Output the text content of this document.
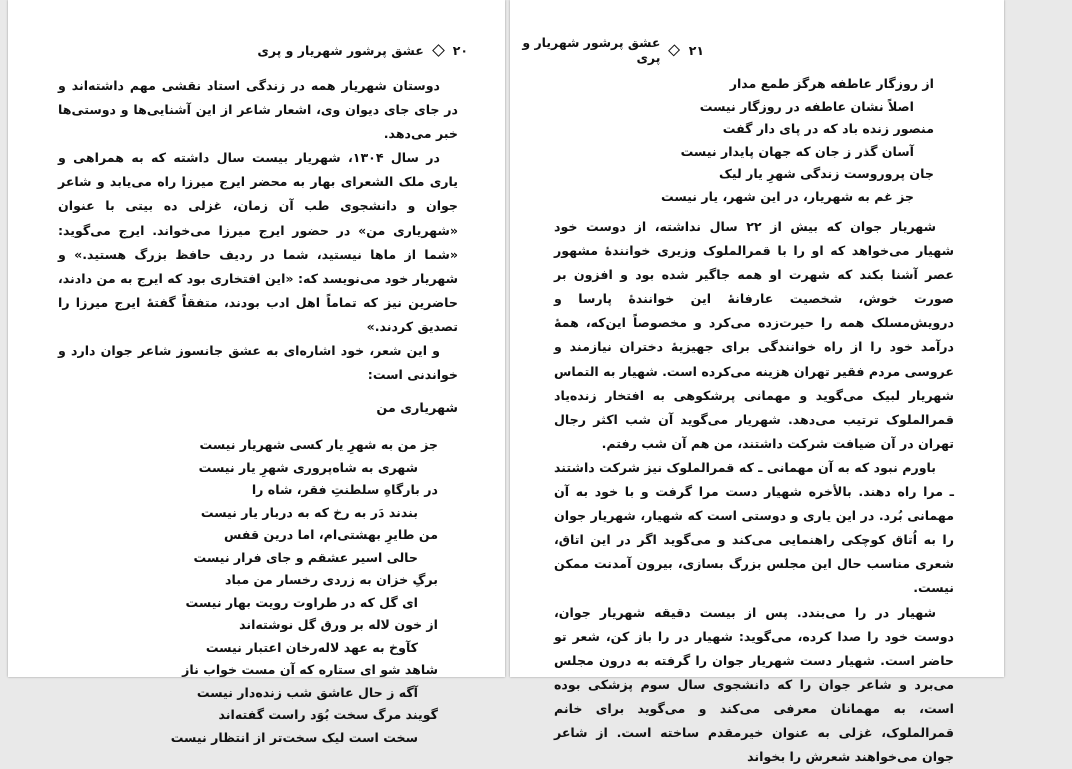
۲۰
عشق پرشور شهریار و پری

دوستان شهریار همه در زندگی استاد نقشی مهم داشته‌اند و در جای جای دیوان وی، اشعار شاعر از این آشنایی‌ها و دوستی‌ها خبر می‌دهد.

در سال ۱۳۰۴، شهریار بیست سال داشته که به همراهی و یاری ملک الشعرای بهار به محضر ایرج میرزا راه می‌یابد و شاعر جوان و دانشجوی طب آن زمان، غزلی ده بیتی با عنوان «شهریاری من» در حضور ایرج میرزا می‌خواند. ایرج می‌گوید: «شما از ماها نیستید، شما در ردیف حافظ بزرگ هستید.» و شهریار خود می‌نویسد که: «این افتخاری بود که ایرج به من دادند، حاضرین نیز که تماماً اهل ادب بودند، متفقاً گفتهٔ ایرج میرزا را تصدیق کردند.»

و این شعر، خود اشاره‌ای به عشق جانسوز شاعر جوان دارد و خواندنی است:

شهریاری من
جز من به شهرِ یار کسی شهریار نیست
شهری به شاه‌پروری شهرِ یار نیست
در بارگاهِ سلطنتِ فقر، شاه را
بندند دَر به رخ که به دربار یار نیست
من طایرِ بهشتی‌ام، اما درین قفس
حالی اسیر عشقم و جای فرار نیست
برگِ خزان به زردی رخسار من مباد
ای گل که در طراوت رویت بهار نیست
از خون لاله بر ورق گل نوشته‌اند
کآوخ به عهد لاله‌رخان اعتبار نیست
شاهد شو ای ستاره که آن مست خواب ناز
آگه ز حال عاشق شب زنده‌دار نیست
گویند مرگ سخت بُوَد راست گفته‌اند
سخت است لیک سخت‌تر از انتظار نیست
۲۱
عشق پرشور شهریار و پری
از روزگار عاطفه هرگز طمع مدار
اصلاً نشان عاطفه در روزگار نیست
منصور زنده باد که در پای دار گفت
آسان گذر ز جان که جهان پایدار نیست
جان پروروست زندگی شهرِ یار لیک
جز غم به شهریار، در این شهر، یار نیست

شهریار جوان که بیش از ۲۲ سال نداشته، از دوست خود شهیار می‌خواهد که او را با قمرالملوک وزیری خوانندهٔ مشهور عصر آشنا بکند که شهرت او همه جاگیر شده بود و افزون بر صورت خوش، شخصیت عارفانهٔ این خوانندهٔ پارسا و درویش‌مسلک همه را حیرت‌زده می‌کرد و مخصوصاً این‌که، همهٔ درآمد خود را از راه خوانندگی برای جهیزیهٔ دختران نیازمند و عروسی مردم فقیر تهران هزینه می‌کرده است. شهیار به التماس شهریار لبیک می‌گوید و مهمانی پرشکوهی به افتخار زنده‌یاد قمرالملوک ترتیب می‌دهد. شهریار می‌گوید آن شب اکثر رجال تهران در آن ضیافت شرکت داشتند، من هم آن شب رفتم.

باورم نبود که به آن مهمانی ـ که قمرالملوک نیز شرکت داشتند ـ مرا راه دهند. بالأخره شهیار دست مرا گرفت و با خود به آن مهمانی بُرد. در این یاری و دوستی است که شهیار، شهریار جوان را به اُتاق کوچکی راهنمایی می‌کند و می‌گوید اگر در این اتاق، شعری مناسب حال این مجلس بزرگ بسازی، بیرون آمدنت ممکن نیست.

شهیار در را می‌بندد. پس از بیست دقیقه شهریار جوان، دوست خود را صدا کرده، می‌گوید: شهیار در را باز کن، شعر تو حاضر است. شهیار دست شهریار جوان را گرفته به درون مجلس می‌برد و شاعر جوان را که دانشجوی سال سوم پزشکی بوده است، به مهمانان معرفی می‌کند و می‌گوید برای خانم قمرالملوک، غزلی به عنوان خیرمقدم ساخته است. از شاعر جوان می‌خواهند شعرش را بخواند
